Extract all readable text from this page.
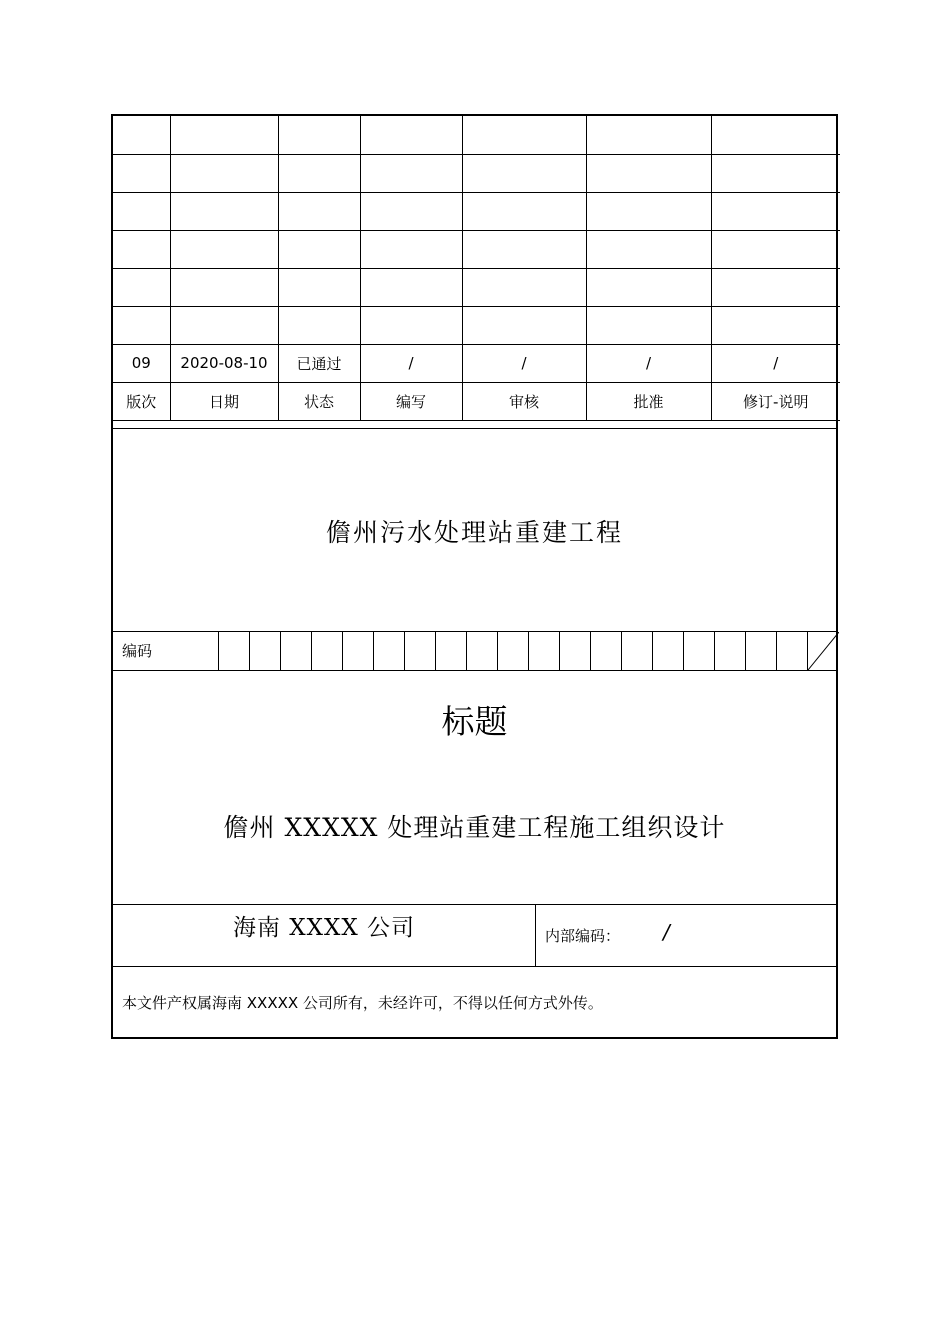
09	2020-08-10	已通过	/	/	/	/
版次	日期	状态	编写	审核	批准	修订-说明
儋州污水处理站重建工程
编码
标题
儋州 XXXXX 处理站重建工程施工组织设计
海南 XXXX 公司	内部编码： /
本文件产权属海南 XXXXX 公司所有，未经许可，不得以任何方式外传。
